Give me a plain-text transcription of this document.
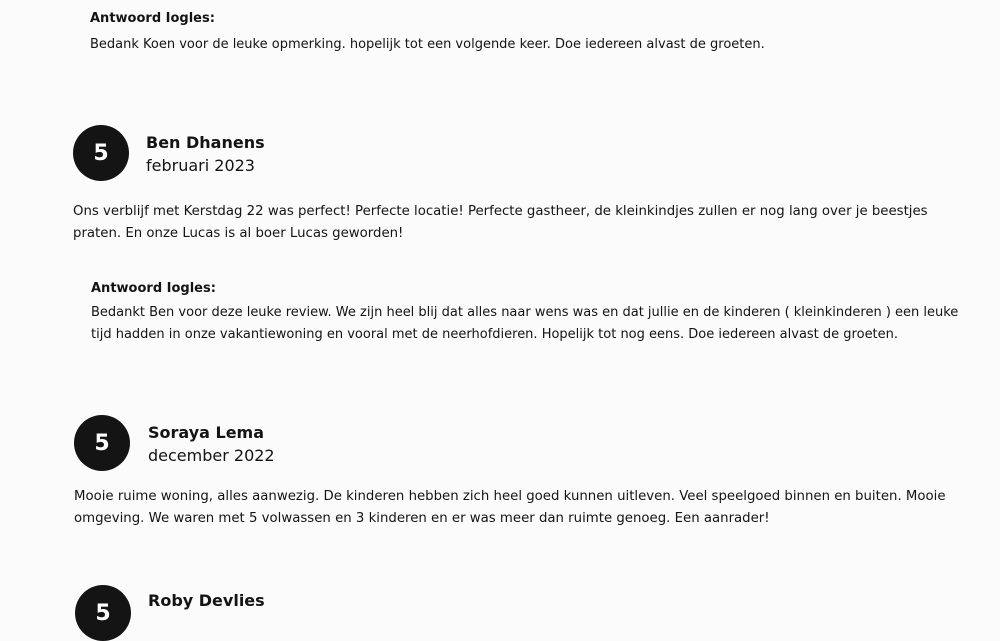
Antwoord Iogles:
Bedank Koen voor de leuke opmerking. hopelijk tot een volgende keer. Doe iedereen alvast de groeten.
5	Ben Dhanens
februari 2023
Ons verblijf met Kerstdag 22 was perfect! Perfecte locatie! Perfecte gastheer, de kleinkindjes zullen er nog lang over je beestjes praten. En onze Lucas is al boer Lucas geworden!
Antwoord Iogles:
Bedankt Ben voor deze leuke review. We zijn heel blij dat alles naar wens was en dat jullie en de kinderen ( kleinkinderen ) een leuke tijd hadden in onze vakantiewoning en vooral met de neerhofdieren. Hopelijk tot nog eens. Doe iedereen alvast de groeten.
5	Soraya Lema
december 2022
Mooie ruime woning, alles aanwezig. De kinderen hebben zich heel goed kunnen uitleven. Veel speelgoed binnen en buiten. Mooie omgeving. We waren met 5 volwassen en 3 kinderen en er was meer dan ruimte genoeg. Een aanrader!
5	Roby Devlies
